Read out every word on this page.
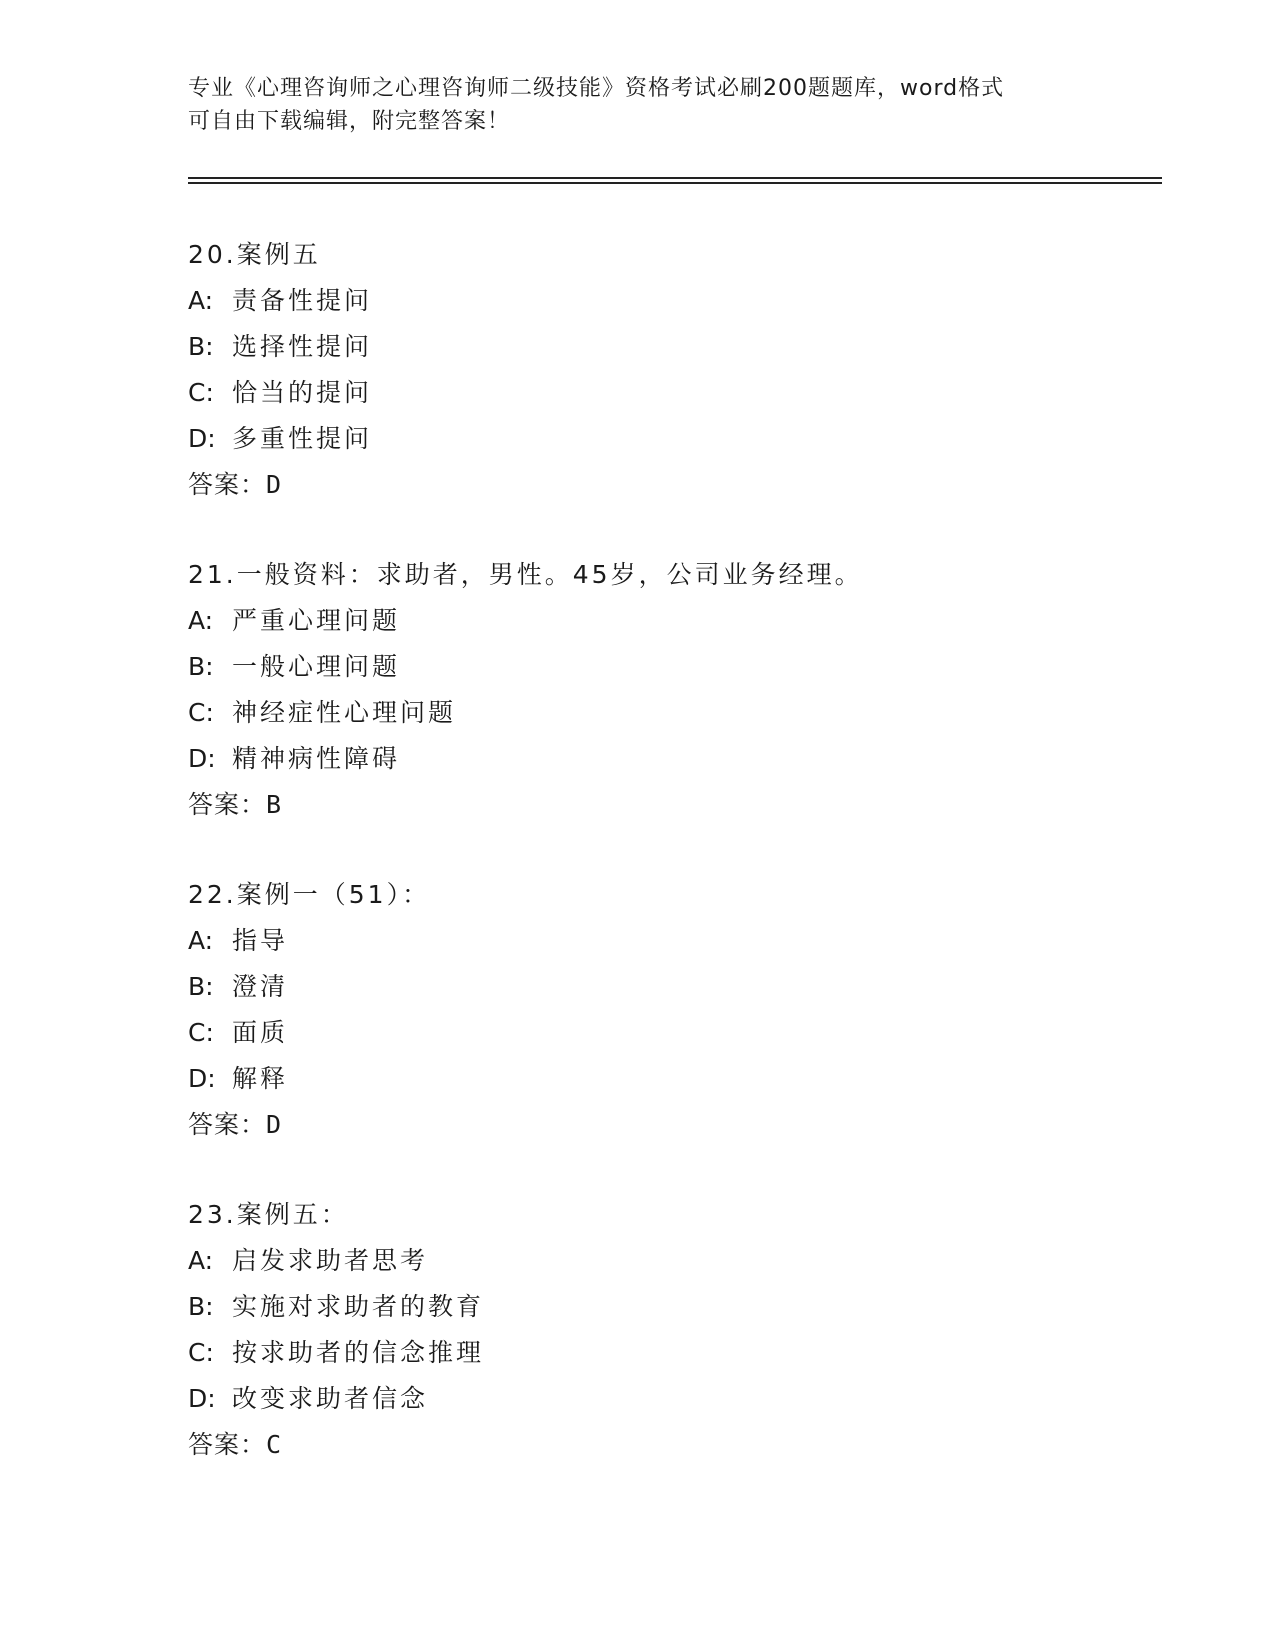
专业《心理咨询师之心理咨询师二级技能》资格考试必刷200题题库，word格式
可自由下载编辑，附完整答案！
20.案例五
A: 责备性提问
B: 选择性提问
C: 恰当的提问
D: 多重性提问
答案：D
21.一般资料：求助者，男性。45岁，公司业务经理。
A: 严重心理问题
B: 一般心理问题
C: 神经症性心理问题
D: 精神病性障碍
答案：B
22.案例一（51）：
A: 指导
B: 澄清
C: 面质
D: 解释
答案：D
23.案例五：
A: 启发求助者思考
B: 实施对求助者的教育
C: 按求助者的信念推理
D: 改变求助者信念
答案：C
